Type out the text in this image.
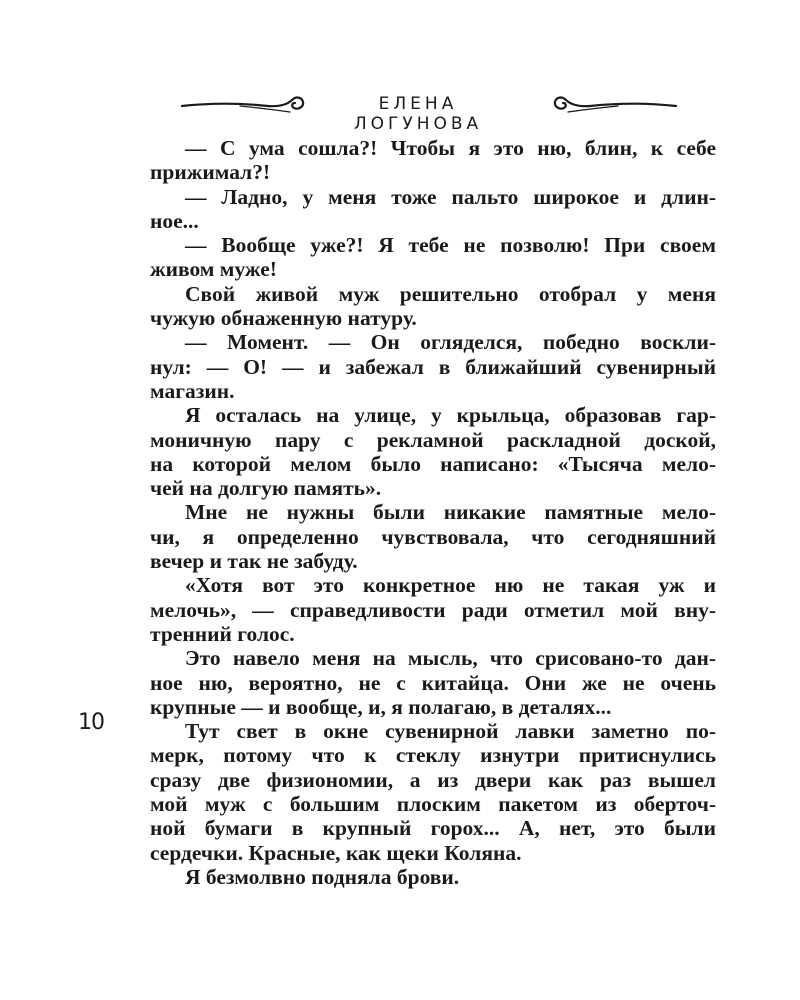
ЕЛЕНА ЛОГУНОВА
10
— С ума сошла?! Чтобы я это ню, блин, к себе
прижимал?!
— Ладно, у меня тоже пальто широкое и длин-
ное...
— Вообще уже?! Я тебе не позволю! При своем
живом муже!
Свой живой муж решительно отобрал у меня
чужую обнаженную натуру.
— Момент. — Он огляделся, победно воскли-
нул: — О! — и забежал в ближайший сувенирный
магазин.
Я осталась на улице, у крыльца, образовав гар-
моничную пару с рекламной раскладной доской,
на которой мелом было написано: «Тысяча мело-
чей на долгую память».
Мне не нужны были никакие памятные мело-
чи, я определенно чувствовала, что сегодняшний
вечер и так не забуду.
«Хотя вот это конкретное ню не такая уж и
мелочь», — справедливости ради отметил мой вну-
тренний голос.
Это навело меня на мысль, что срисовано-то дан-
ное ню, вероятно, не с китайца. Они же не очень
крупные — и вообще, и, я полагаю, в деталях...
Тут свет в окне сувенирной лавки заметно по-
мерк, потому что к стеклу изнутри притиснулись
сразу две физиономии, а из двери как раз вышел
мой муж с большим плоским пакетом из оберточ-
ной бумаги в крупный горох... А, нет, это были
сердечки. Красные, как щеки Коляна.
Я безмолвно подняла брови.
